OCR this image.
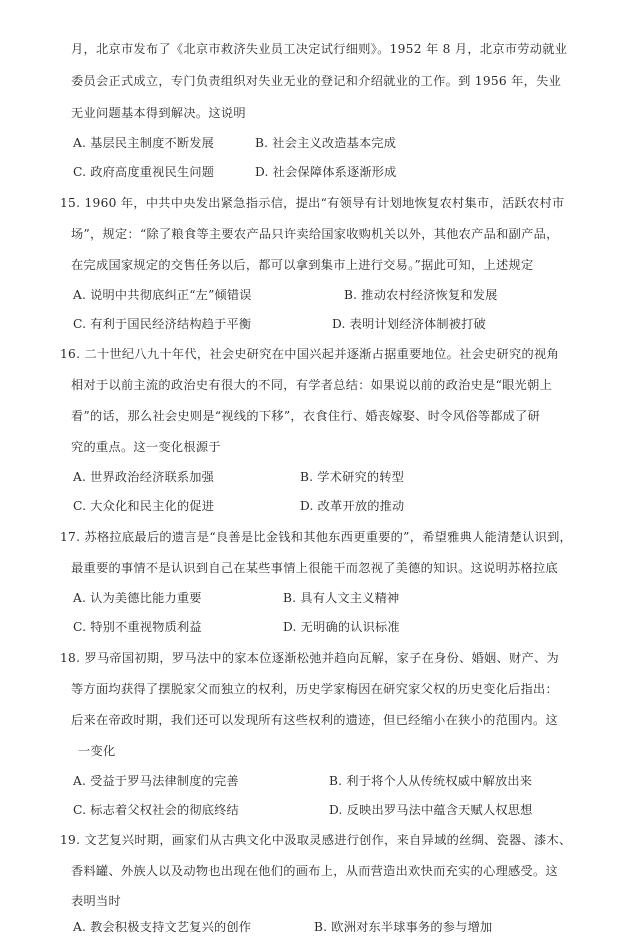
月，北京市发布了《北京市救济失业员工决定试行细则》。1952 年 8 月，北京市劳动就业
委员会正式成立，专门负责组织对失业无业的登记和介绍就业的工作。到 1956 年，失业
无业问题基本得到解决。这说明
A. 基层民主制度不断发展	B. 社会主义改造基本完成
C. 政府高度重视民生问题	D. 社会保障体系逐渐形成
15. 1960 年，中共中央发出紧急指示信，提出“有领导有计划地恢复农村集市，活跃农村市
场”，规定：“除了粮食等主要农产品只许卖给国家收购机关以外，其他农产品和副产品，
在完成国家规定的交售任务以后，都可以拿到集市上进行交易。”据此可知，上述规定
A. 说明中共彻底纠正“左”倾错误	B. 推动农村经济恢复和发展
C. 有利于国民经济结构趋于平衡	D. 表明计划经济体制被打破
16. 二十世纪八九十年代，社会史研究在中国兴起并逐渐占据重要地位。社会史研究的视角
相对于以前主流的政治史有很大的不同，有学者总结：如果说以前的政治史是“眼光朝上
看”的话，那么社会史则是“视线的下移”，衣食住行、婚丧嫁娶、时令风俗等都成了研
究的重点。这一变化根源于
A. 世界政治经济联系加强	B. 学术研究的转型
C. 大众化和民主化的促进	D. 改革开放的推动
17. 苏格拉底最后的遗言是“良善是比金钱和其他东西更重要的”，希望雅典人能清楚认识到，
最重要的事情不是认识到自己在某些事情上很能干而忽视了美德的知识。这说明苏格拉底
A. 认为美德比能力重要	B. 具有人文主义精神
C. 特别不重视物质利益	D. 无明确的认识标准
18. 罗马帝国初期，罗马法中的家本位逐渐松弛并趋向瓦解，家子在身份、婚姻、财产、为
等方面均获得了摆脱家父而独立的权利，历史学家梅因在研究家父权的历史变化后指出：
后来在帝政时期，我们还可以发现所有这些权利的遗迹，但已经缩小在狭小的范围内。这
一变化
A. 受益于罗马法律制度的完善	B. 利于将个人从传统权威中解放出来
C. 标志着父权社会的彻底终结	D. 反映出罗马法中蕴含天赋人权思想
19. 文艺复兴时期，画家们从古典文化中汲取灵感进行创作，来自异域的丝绸、瓷器、漆木、
香料罐、外族人以及动物也出现在他们的画布上，从而营造出欢快而充实的心理感受。这
表明当时
A. 教会积极支持文艺复兴的创作	B. 欧洲对东半球事务的参与增加
